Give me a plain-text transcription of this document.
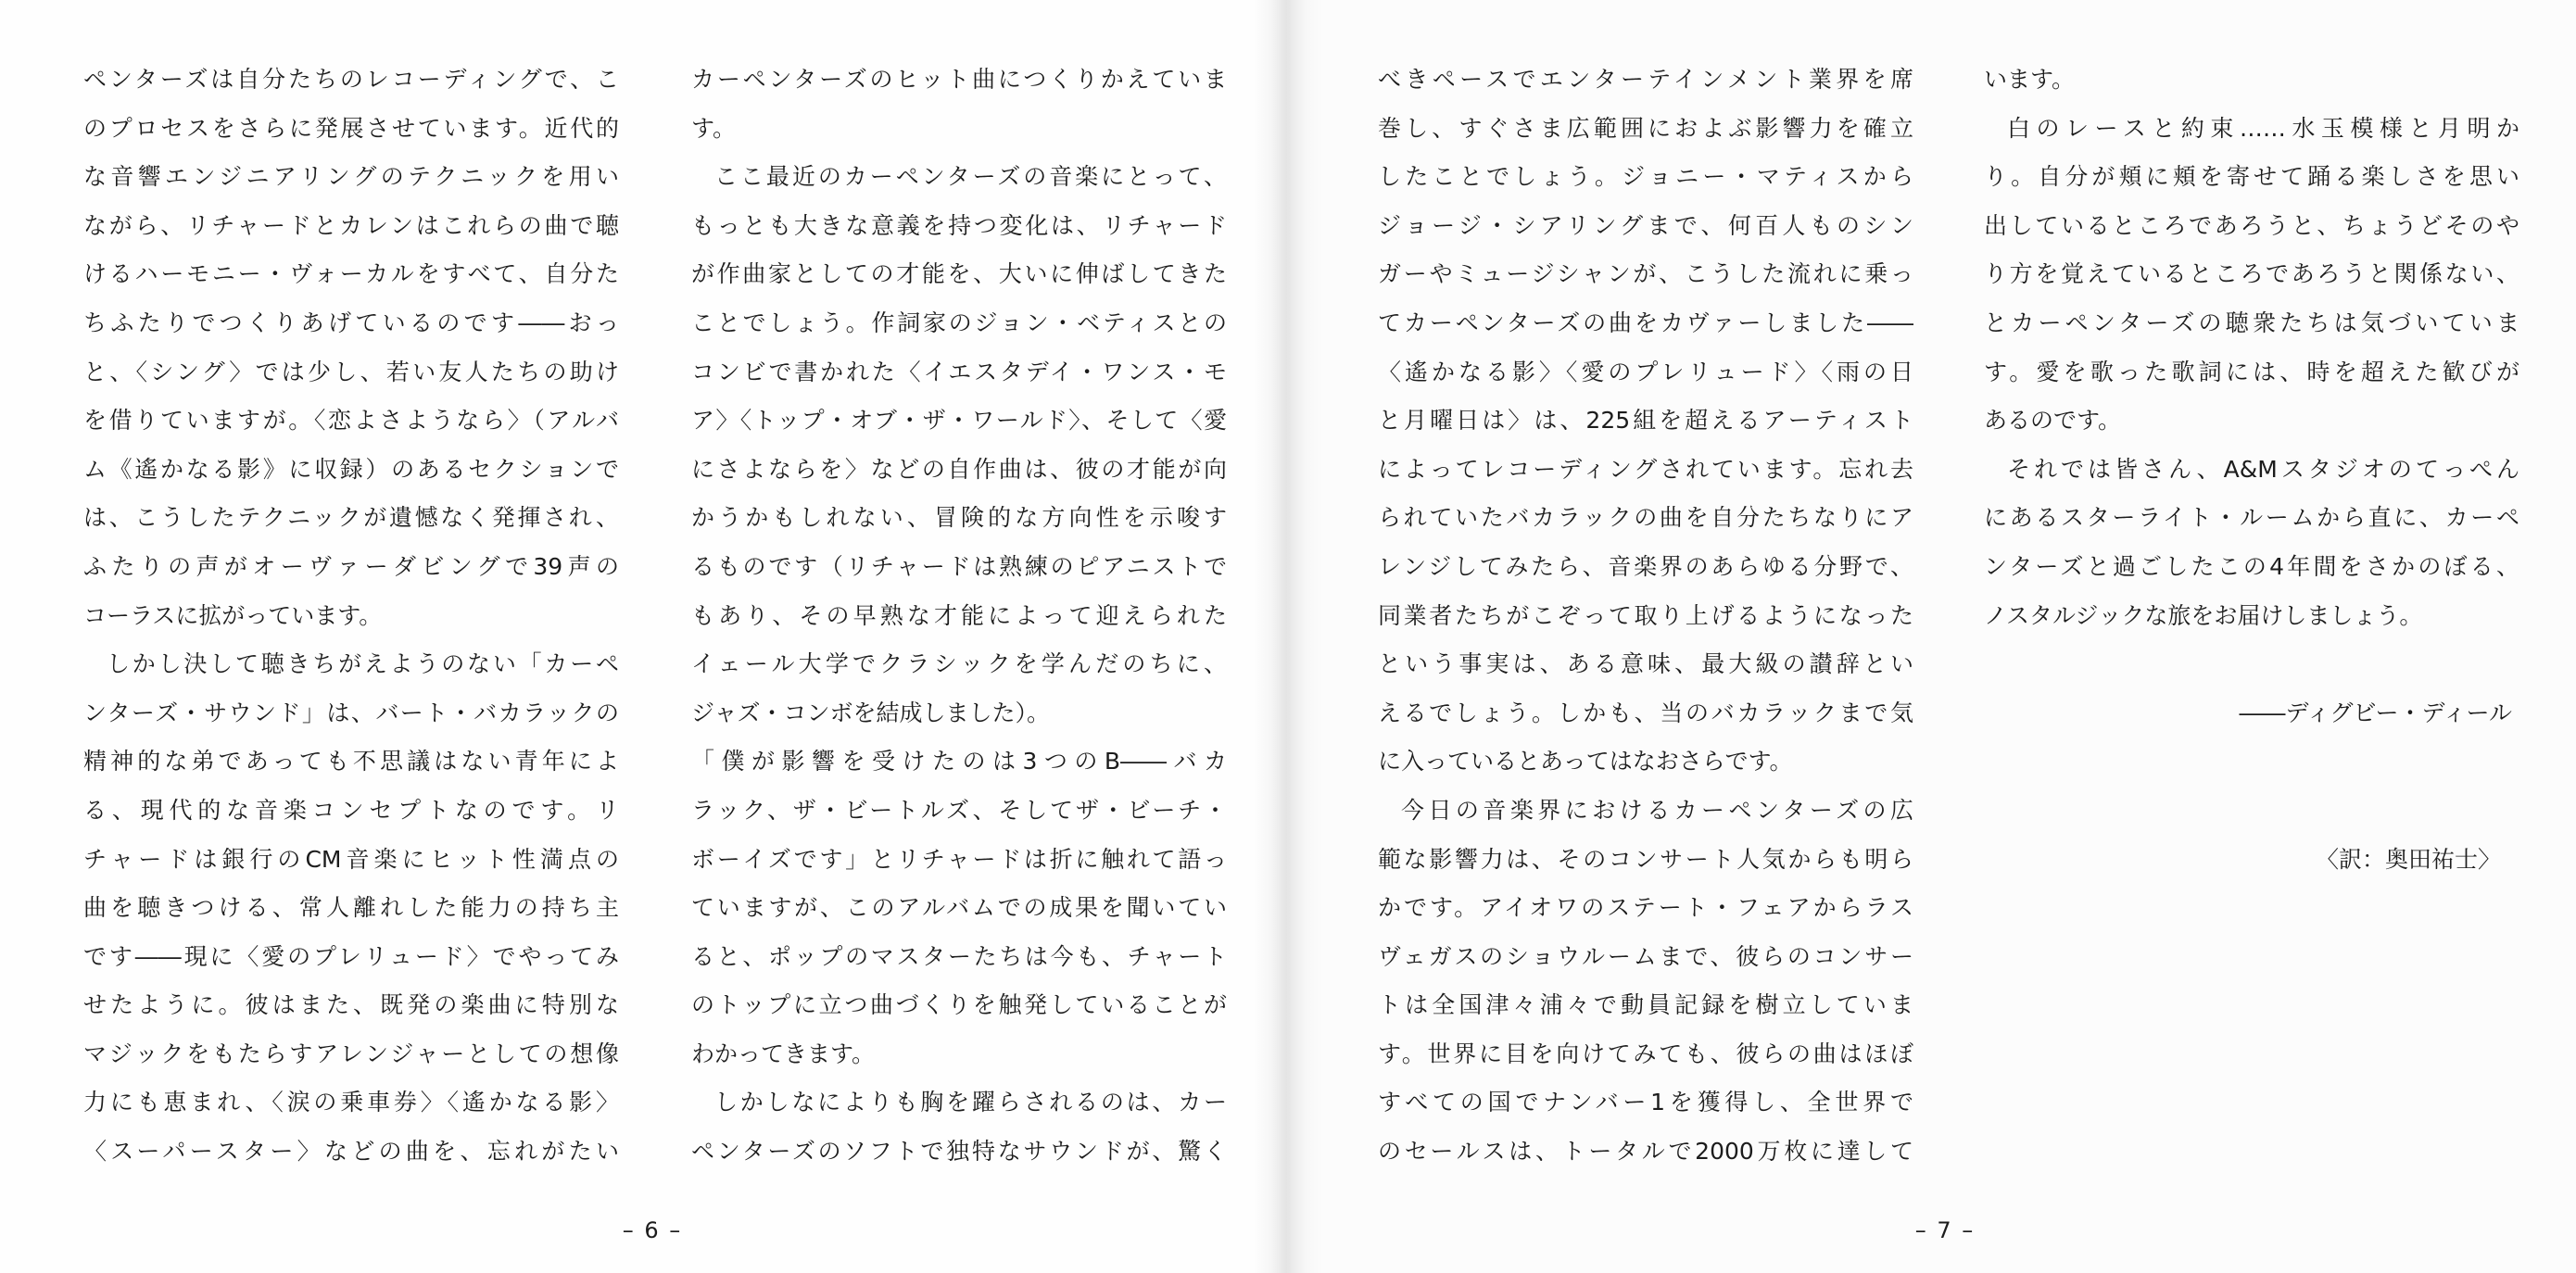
ペンターズは自分たちのレコーディングで、こ
のプロセスをさらに発展させています。近代的
な音響エンジニアリングのテクニックを用い
ながら、リチャードとカレンはこれらの曲で聴
けるハーモニー・ヴォーカルをすべて、自分た
ちふたりでつくりあげているのです――おっ
と、〈シング〉では少し、若い友人たちの助け
を借りていますが。〈恋よさようなら〉（アルバ
ム《遙かなる影》に収録）のあるセクションで
は、こうしたテクニックが遺憾なく発揮され、
ふたりの声がオーヴァーダビングで39声の
コーラスに拡がっています。
しかし決して聴きちがえようのない「カーペ
ンターズ・サウンド」は、バート・バカラックの
精神的な弟であっても不思議はない青年によ
る、現代的な音楽コンセプトなのです。リ
チャードは銀行のCM音楽にヒット性満点の
曲を聴きつける、常人離れした能力の持ち主
です――現に〈愛のプレリュード〉でやってみ
せたように。彼はまた、既発の楽曲に特別な
マジックをもたらすアレンジャーとしての想像
力にも恵まれ、〈涙の乗車券〉〈遙かなる影〉
〈スーパースター〉などの曲を、忘れがたい
カーペンターズのヒット曲につくりかえていま
す。
ここ最近のカーペンターズの音楽にとって、
もっとも大きな意義を持つ変化は、リチャード
が作曲家としての才能を、大いに伸ばしてきた
ことでしょう。作詞家のジョン・ベティスとの
コンビで書かれた〈イエスタデイ・ワンス・モ
ア〉〈トップ・オブ・ザ・ワールド〉、そして〈愛
にさよならを〉などの自作曲は、彼の才能が向
かうかもしれない、冒険的な方向性を示唆す
るものです（リチャードは熟練のピアニストで
もあり、その早熟な才能によって迎えられた
イェール大学でクラシックを学んだのちに、
ジャズ・コンボを結成しました）。
「僕が影響を受けたのは3つのB――バカ
ラック、ザ・ビートルズ、そしてザ・ビーチ・
ボーイズです」とリチャードは折に触れて語っ
ていますが、このアルバムでの成果を聞いてい
ると、ポップのマスターたちは今も、チャート
のトップに立つ曲づくりを触発していることが
わかってきます。
しかしなによりも胸を躍らされるのは、カー
ペンターズのソフトで独特なサウンドが、驚く
– 6 –
べきペースでエンターテインメント業界を席
巻し、すぐさま広範囲におよぶ影響力を確立
したことでしょう。ジョニー・マティスから
ジョージ・シアリングまで、何百人ものシン
ガーやミュージシャンが、こうした流れに乗っ
てカーペンターズの曲をカヴァーしました――
〈遙かなる影〉〈愛のプレリュード〉〈雨の日
と月曜日は〉は、225組を超えるアーティスト
によってレコーディングされています。忘れ去
られていたバカラックの曲を自分たちなりにア
レンジしてみたら、音楽界のあらゆる分野で、
同業者たちがこぞって取り上げるようになった
という事実は、ある意味、最大級の讃辞とい
えるでしょう。しかも、当のバカラックまで気
に入っているとあってはなおさらです。
今日の音楽界におけるカーペンターズの広
範な影響力は、そのコンサート人気からも明ら
かです。アイオワのステート・フェアからラス
ヴェガスのショウルームまで、彼らのコンサー
トは全国津々浦々で動員記録を樹立していま
す。世界に目を向けてみても、彼らの曲はほぼ
すべての国でナンバー1を獲得し、全世界で
のセールスは、トータルで2000万枚に達して
います。
白のレースと約束……水玉模様と月明か
り。自分が頬に頬を寄せて踊る楽しさを思い
出しているところであろうと、ちょうどそのや
り方を覚えているところであろうと関係ない、
とカーペンターズの聴衆たちは気づいていま
す。愛を歌った歌詞には、時を超えた歓びが
あるのです。
それでは皆さん、A&Mスタジオのてっぺん
にあるスターライト・ルームから直に、カーペ
ンターズと過ごしたこの4年間をさかのぼる、
ノスタルジックな旅をお届けしましょう。
――ディグビー・ディール
〈訳：奥田祐士〉
– 7 –
